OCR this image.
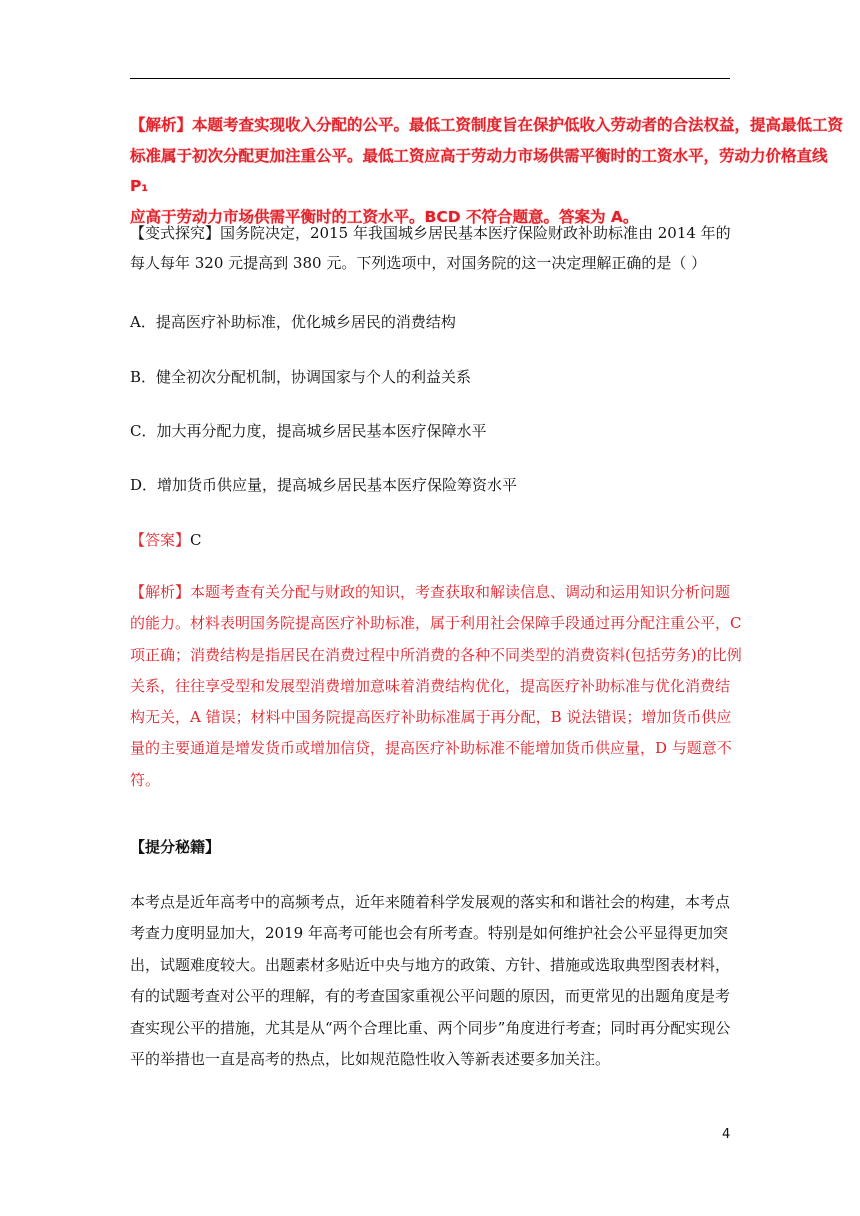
【解析】本题考查实现收入分配的公平。最低工资制度旨在保护低收入劳动者的合法权益，提高最低工资
标准属于初次分配更加注重公平。最低工资应高于劳动力市场供需平衡时的工资水平，劳动力价格直线 P₁
应高于劳动力市场供需平衡时的工资水平。BCD 不符合题意。答案为 A。

【变式探究】国务院决定，2015 年我国城乡居民基本医疗保险财政补助标准由 2014 年的每人每年 320 元提高到 380 元。下列选项中，对国务院的这一决定理解正确的是（ ）

A．提高医疗补助标准，优化城乡居民的消费结构
B．健全初次分配机制，协调国家与个人的利益关系
C．加大再分配力度，提高城乡居民基本医疗保障水平
D．增加货币供应量，提高城乡居民基本医疗保险筹资水平
【答案】C

【解析】本题考查有关分配与财政的知识，考查获取和解读信息、调动和运用知识分析问题的能力。材料表明国务院提高医疗补助标准，属于利用社会保障手段通过再分配注重公平，C 项正确；消费结构是指居民在消费过程中所消费的各种不同类型的消费资料(包括劳务)的比例关系，往往享受型和发展型消费增加意味着消费结构优化，提高医疗补助标准与优化消费结构无关，A 错误；材料中国务院提高医疗补助标准属于再分配，B 说法错误；增加货币供应量的主要通道是增发货币或增加信贷，提高医疗补助标准不能增加货币供应量，D 与题意不符。

【提分秘籍】

本考点是近年高考中的高频考点，近年来随着科学发展观的落实和和谐社会的构建，本考点考查力度明显加大，2019 年高考可能也会有所考查。特别是如何维护社会公平显得更加突出，试题难度较大。出题素材多贴近中央与地方的政策、方针、措施或选取典型图表材料，有的试题考查对公平的理解，有的考查国家重视公平问题的原因，而更常见的出题角度是考查实现公平的措施，尤其是从“两个合理比重、两个同步”角度进行考查；同时再分配实现公平的举措也一直是高考的热点，比如规范隐性收入等新表述要多加关注。

4
